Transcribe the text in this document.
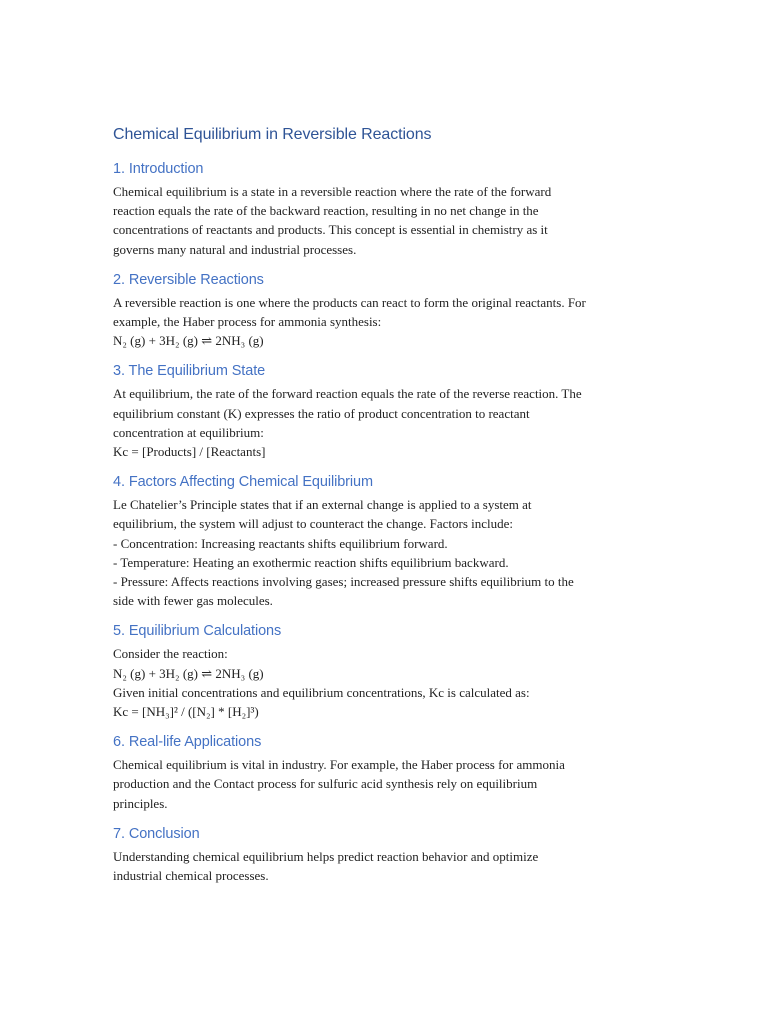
Chemical Equilibrium in Reversible Reactions
1. Introduction

Chemical equilibrium is a state in a reversible reaction where the rate of the forward

reaction equals the rate of the backward reaction, resulting in no net change in the

concentrations of reactants and products. This concept is essential in chemistry as it

governs many natural and industrial processes.

2. Reversible Reactions

A reversible reaction is one where the products can react to form the original reactants. For

example, the Haber process for ammonia synthesis:

N₂ (g) + 3H₂ (g) ⇌ 2NH₃ (g)

3. The Equilibrium State

At equilibrium, the rate of the forward reaction equals the rate of the reverse reaction. The

equilibrium constant (K) expresses the ratio of product concentration to reactant

concentration at equilibrium:

Kc = [Products] / [Reactants]

4. Factors Affecting Chemical Equilibrium

Le Chatelier’s Principle states that if an external change is applied to a system at

equilibrium, the system will adjust to counteract the change. Factors include:

- Concentration: Increasing reactants shifts equilibrium forward.

- Temperature: Heating an exothermic reaction shifts equilibrium backward.

- Pressure: Affects reactions involving gases; increased pressure shifts equilibrium to the

side with fewer gas molecules.

5. Equilibrium Calculations

Consider the reaction:

N₂ (g) + 3H₂ (g) ⇌ 2NH₃ (g)

Given initial concentrations and equilibrium concentrations, Kc is calculated as:

Kc = [NH₃]² / ([N₂] * [H₂]³)

6. Real-life Applications

Chemical equilibrium is vital in industry. For example, the Haber process for ammonia

production and the Contact process for sulfuric acid synthesis rely on equilibrium

principles.

7. Conclusion

Understanding chemical equilibrium helps predict reaction behavior and optimize

industrial chemical processes.
